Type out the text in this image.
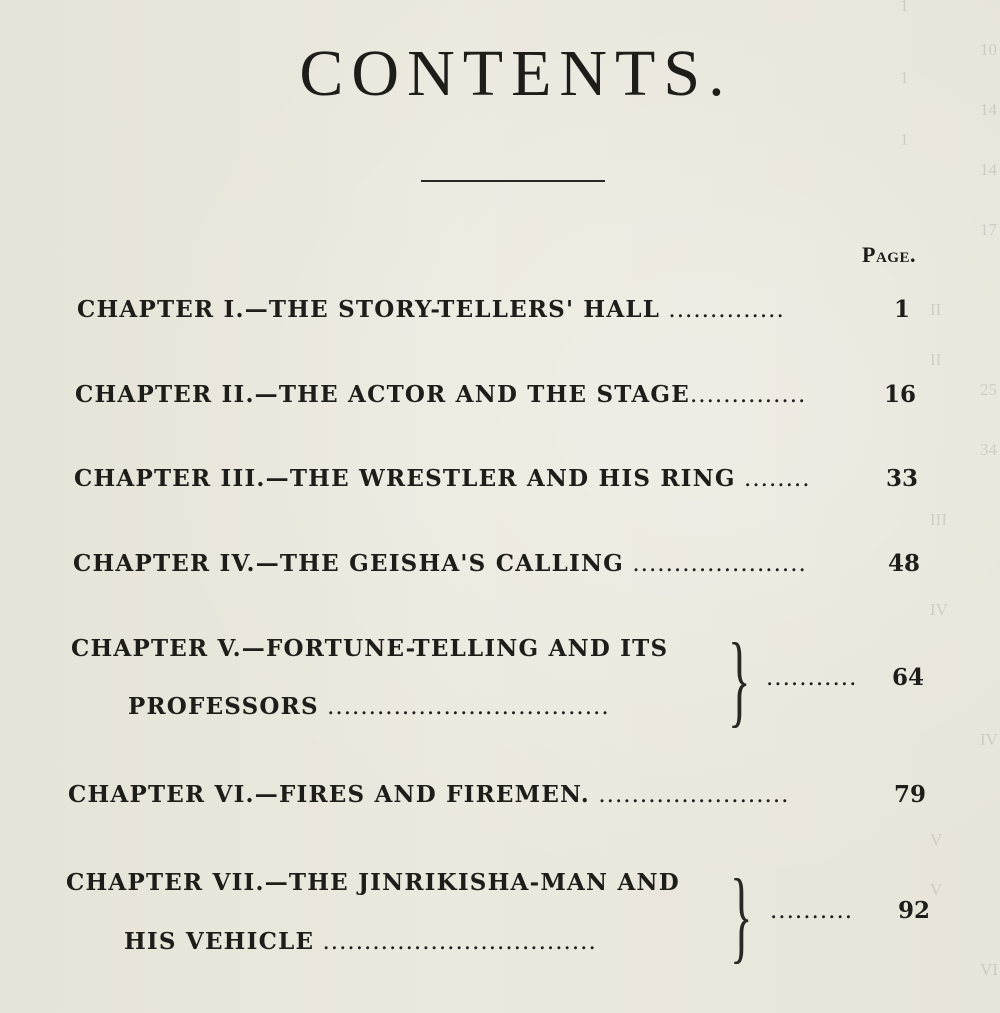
1
1
1
10
14
14
17
II
II
25
34
III
IV
IV
V
V
VI
CONTENTS.
Page.
CHAPTER I.—THE STORY-TELLERS' HALL ..............	1
CHAPTER II.—THE ACTOR AND THE STAGE..............	16
CHAPTER III.—THE WRESTLER AND HIS RING ........	33
CHAPTER IV.—THE GEISHA'S CALLING .....................	48
CHAPTER V.—FORTUNE-TELLING AND ITS
PROFESSORS .................................. } ...........	64
CHAPTER VI.—FIRES AND FIREMEN. .......................	79
CHAPTER VII.—THE JINRIKISHA-MAN AND
HIS VEHICLE ................................. } ..........	92
